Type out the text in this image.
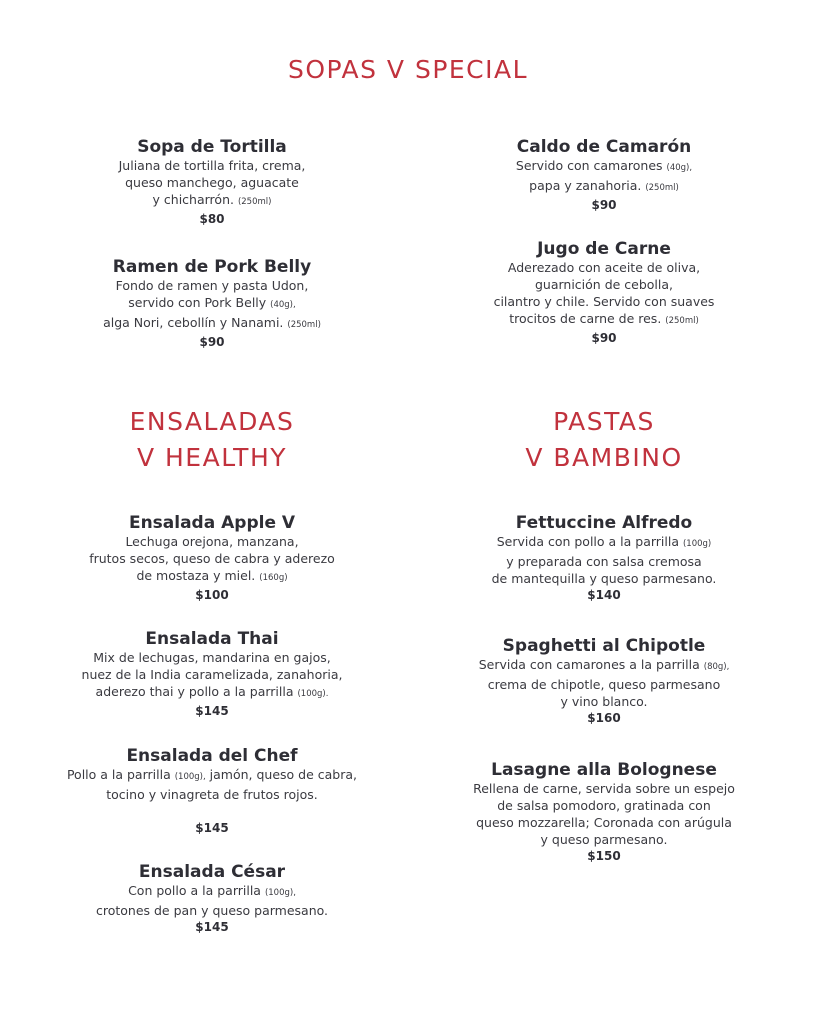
SOPAS V SPECIAL
ENSALADAS
V HEALTHY
PASTAS
V BAMBINO
Sopa de Tortilla
Juliana de tortilla frita, crema,
queso manchego, aguacate
y chicharrón. (250ml)
$80
Ramen de Pork Belly
Fondo de ramen y pasta Udon,
servido con Pork Belly (40g),
alga Nori, cebollín y Nanami. (250ml)
$90
Caldo de Camarón
Servido con camarones (40g),
papa y zanahoria. (250ml)
$90
Jugo de Carne
Aderezado con aceite de oliva,
guarnición de cebolla,
cilantro y chile. Servido con suaves
trocitos de carne de res. (250ml)
$90
Ensalada Apple V
Lechuga orejona, manzana,
frutos secos, queso de cabra y aderezo
de mostaza y miel. (160g)
$100
Ensalada Thai
Mix de lechugas, mandarina en gajos,
nuez de la India caramelizada, zanahoria,
aderezo thai y pollo a la parrilla (100g).
$145
Ensalada del Chef
Pollo a la parrilla (100g), jamón, queso de cabra,
tocino y vinagreta de frutos rojos.
$145
Ensalada César
Con pollo a la parrilla (100g),
crotones de pan y queso parmesano.
$145
Fettuccine Alfredo
Servida con pollo a la parrilla (100g)
y preparada con salsa cremosa
de mantequilla y queso parmesano.
$140
Spaghetti al Chipotle
Servida con camarones a la parrilla (80g),
crema de chipotle, queso parmesano
y vino blanco.
$160
Lasagne alla Bolognese
Rellena de carne, servida sobre un espejo
de salsa pomodoro, gratinada con
queso mozzarella; Coronada con arúgula
y queso parmesano.
$150
